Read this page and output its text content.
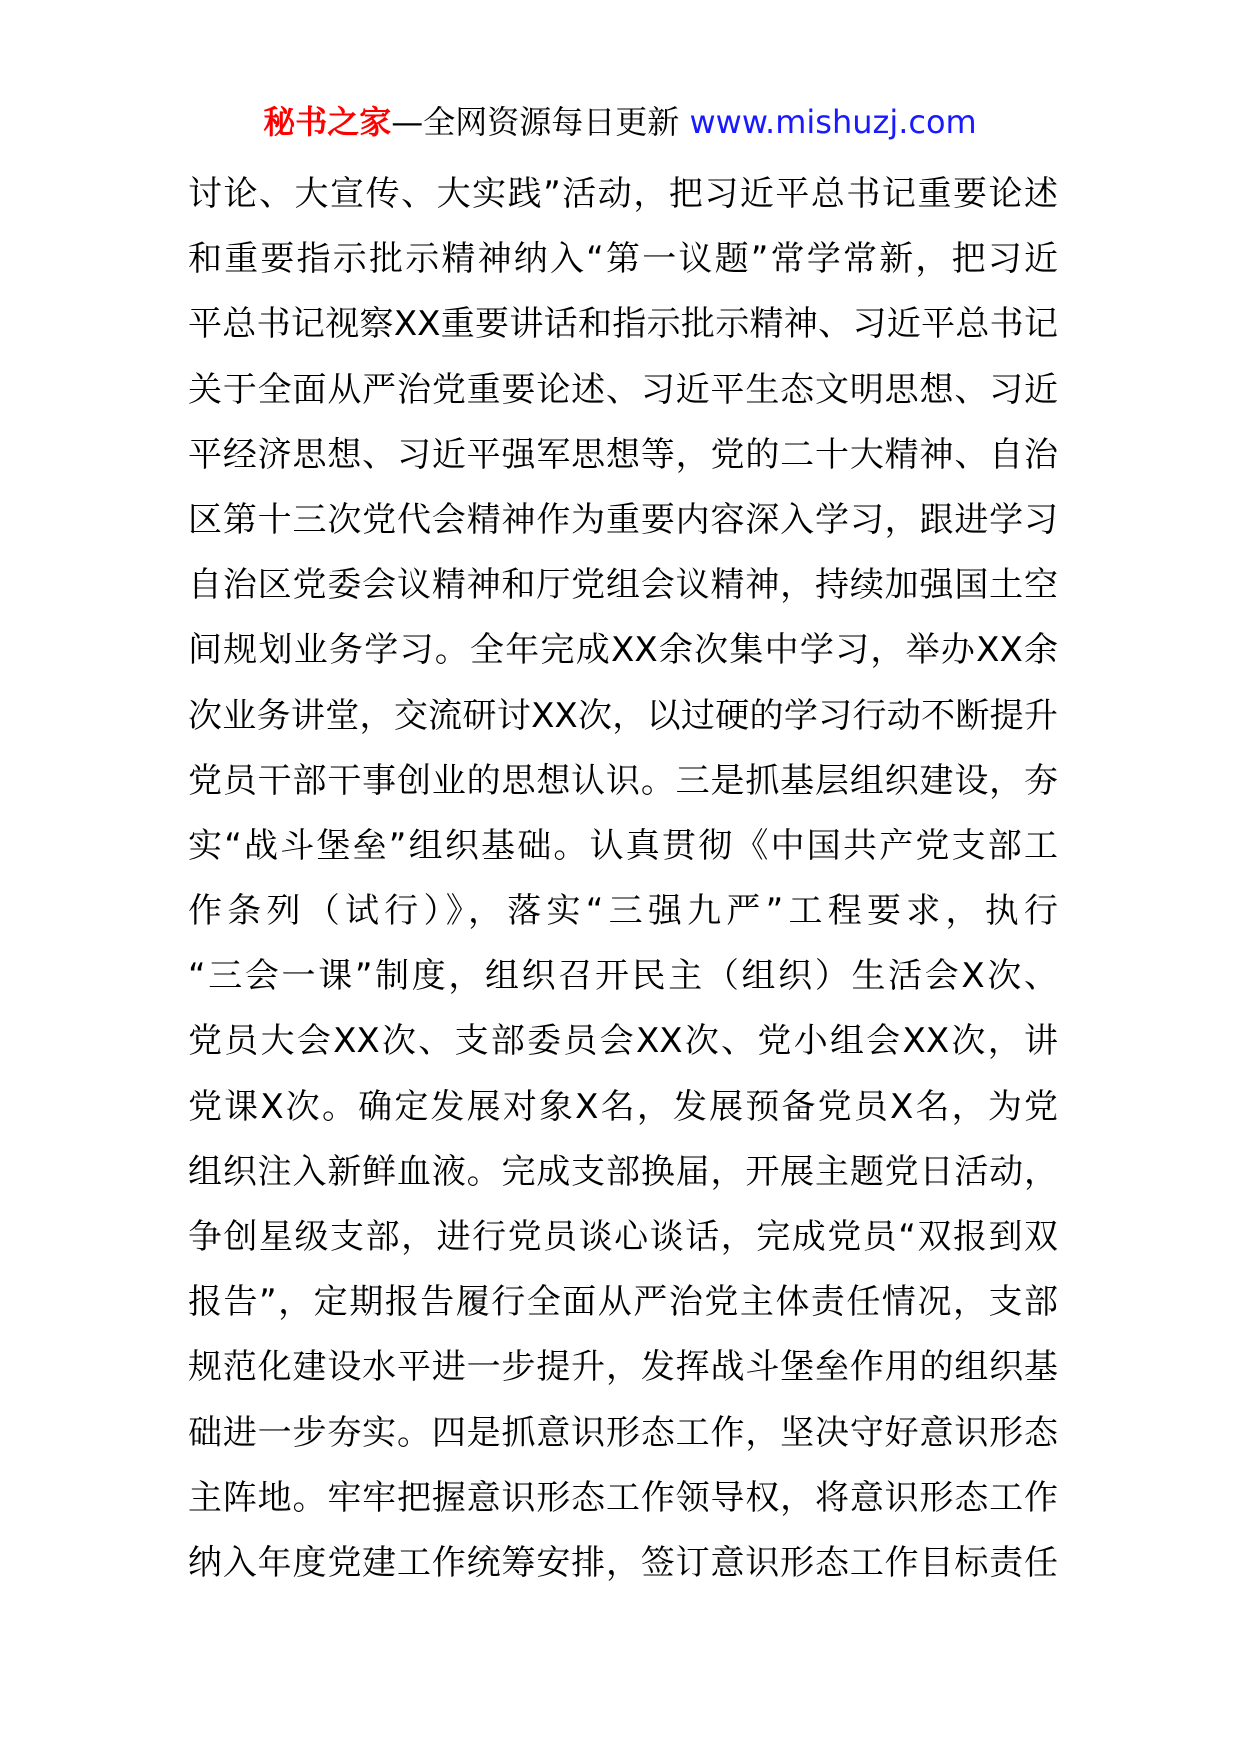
秘书之家—全网资源每日更新 www.mishuzj.com
讨论、大宣传、大实践”活动，把习近平总书记重要论述
和重要指示批示精神纳入“第一议题”常学常新，把习近
平总书记视察XX重要讲话和指示批示精神、习近平总书记
关于全面从严治党重要论述、习近平生态文明思想、习近
平经济思想、习近平强军思想等，党的二十大精神、自治
区第十三次党代会精神作为重要内容深入学习，跟进学习
自治区党委会议精神和厅党组会议精神，持续加强国土空
间规划业务学习。全年完成XX余次集中学习，举办XX余
次业务讲堂，交流研讨XX次，以过硬的学习行动不断提升
党员干部干事创业的思想认识。三是抓基层组织建设，夯
实“战斗堡垒”组织基础。认真贯彻《中国共产党支部工
作条列（试行）》，落实“三强九严”工程要求，执行
“三会一课”制度，组织召开民主（组织）生活会X次、
党员大会XX次、支部委员会XX次、党小组会XX次，讲
党课X次。确定发展对象X名，发展预备党员X名，为党
组织注入新鲜血液。完成支部换届，开展主题党日活动，
争创星级支部，进行党员谈心谈话，完成党员“双报到双
报告”，定期报告履行全面从严治党主体责任情况，支部
规范化建设水平进一步提升，发挥战斗堡垒作用的组织基
础进一步夯实。四是抓意识形态工作，坚决守好意识形态
主阵地。牢牢把握意识形态工作领导权，将意识形态工作
纳入年度党建工作统筹安排，签订意识形态工作目标责任
